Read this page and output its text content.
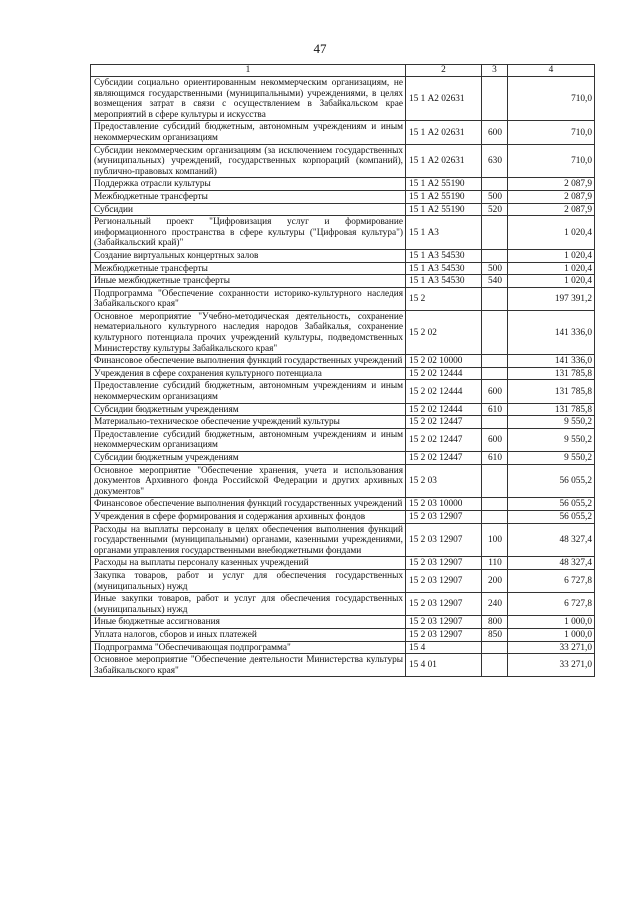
47
1	2	3	4
Субсидии социально ориентированным некоммерческим организациям, не являющимся государственными (муниципальными) учреждениями, в целях возмещения затрат в связи с осуществлением в Забайкальском крае мероприятий в сфере культуры и искусства	15 1 А2 02631		710,0
Предоставление субсидий бюджетным, автономным учреждениям и иным некоммерческим организациям	15 1 А2 02631	600	710,0
Субсидии некоммерческим организациям (за исключением государственных (муниципальных) учреждений, государственных корпораций (компаний), публично-правовых компаний)	15 1 А2 02631	630	710,0
Поддержка отрасли культуры	15 1 А2 55190		2 087,9
Межбюджетные трансферты	15 1 А2 55190	500	2 087,9
Субсидии	15 1 А2 55190	520	2 087,9
Региональный проект "Цифровизация услуг и формирование информационного пространства в сфере культуры ("Цифровая культура") (Забайкальский край)"	15 1 А3		1 020,4
Создание виртуальных концертных залов	15 1 А3 54530		1 020,4
Межбюджетные трансферты	15 1 А3 54530	500	1 020,4
Иные межбюджетные трансферты	15 1 А3 54530	540	1 020,4
Подпрограмма "Обеспечение сохранности историко-культурного наследия Забайкальского края"	15 2		197 391,2
Основное мероприятие "Учебно-методическая деятельность, сохранение нематериального культурного наследия народов Забайкалья, сохранение культурного потенциала прочих учреждений культуры, подведомственных Министерству культуры Забайкальского края"	15 2 02		141 336,0
Финансовое обеспечение выполнения функций государственных учреждений	15 2 02 10000		141 336,0
Учреждения в сфере сохранения культурного потенциала	15 2 02 12444		131 785,8
Предоставление субсидий бюджетным, автономным учреждениям и иным некоммерческим организациям	15 2 02 12444	600	131 785,8
Субсидии бюджетным учреждениям	15 2 02 12444	610	131 785,8
Материально-техническое обеспечение учреждений культуры	15 2 02 12447		9 550,2
Предоставление субсидий бюджетным, автономным учреждениям и иным некоммерческим организациям	15 2 02 12447	600	9 550,2
Субсидии бюджетным учреждениям	15 2 02 12447	610	9 550,2
Основное мероприятие "Обеспечение хранения, учета и использования документов Архивного фонда Российской Федерации и других архивных документов"	15 2 03		56 055,2
Финансовое обеспечение выполнения функций государственных учреждений	15 2 03 10000		56 055,2
Учреждения в сфере формирования и содержания архивных фондов	15 2 03 12907		56 055,2
Расходы на выплаты персоналу в целях обеспечения выполнения функций государственными (муниципальными) органами, казенными учреждениями, органами управления государственными внебюджетными фондами	15 2 03 12907	100	48 327,4
Расходы на выплаты персоналу казенных учреждений	15 2 03 12907	110	48 327,4
Закупка товаров, работ и услуг для обеспечения государственных (муниципальных) нужд	15 2 03 12907	200	6 727,8
Иные закупки товаров, работ и услуг для обеспечения государственных (муниципальных) нужд	15 2 03 12907	240	6 727,8
Иные бюджетные ассигнования	15 2 03 12907	800	1 000,0
Уплата налогов, сборов и иных платежей	15 2 03 12907	850	1 000,0
Подпрограмма "Обеспечивающая подпрограмма"	15 4		33 271,0
Основное мероприятие "Обеспечение деятельности Министерства культуры Забайкальского края"	15 4 01		33 271,0
